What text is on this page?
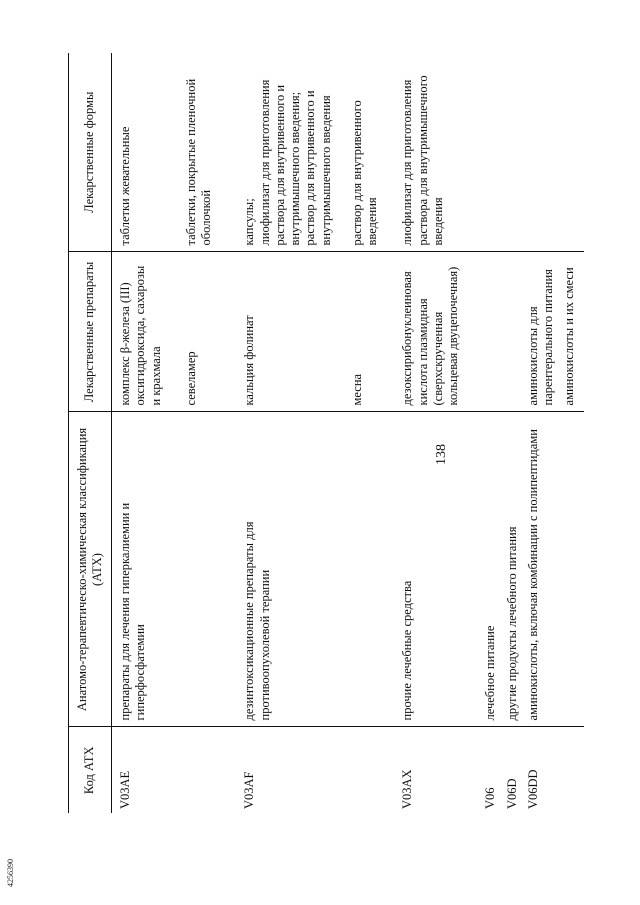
138
Код АТХ	Анатомо-терапевтическо-химическая классификация (АТХ)	Лекарственные препараты	Лекарственные формы
V03AE	препараты для лечения гиперкалиемии и гиперфосфатемии	комплекс β-железа (III) оксигидроксида, сахарозы и крахмала	таблетки жевательные

		севеламер	таблетки, покрытые пленочной оболочкой

V03AF	дезинтоксикационные препараты для противоопухолевой терапии	кальция фолинат	капсулы; лиофилизат для приготовления раствора для внутривенного и внутримышечного введения; раствор для внутривенного и внутримышечного введения

		месна	раствор для внутривенного введения

V03AX	прочие лечебные средства	дезоксирибонуклеиновая кислота плазмидная (сверхскрученная кольцевая двуцепочечная)	лиофилизат для приготовления раствора для внутримышечного введения

V06	лечебное питание		
V06D	другие продукты лечебного питания		
V06DD	аминокислоты, включая комбинации с полипептидами	аминокислоты для парентерального питания	
		аминокислоты и их смеси	
4256390
